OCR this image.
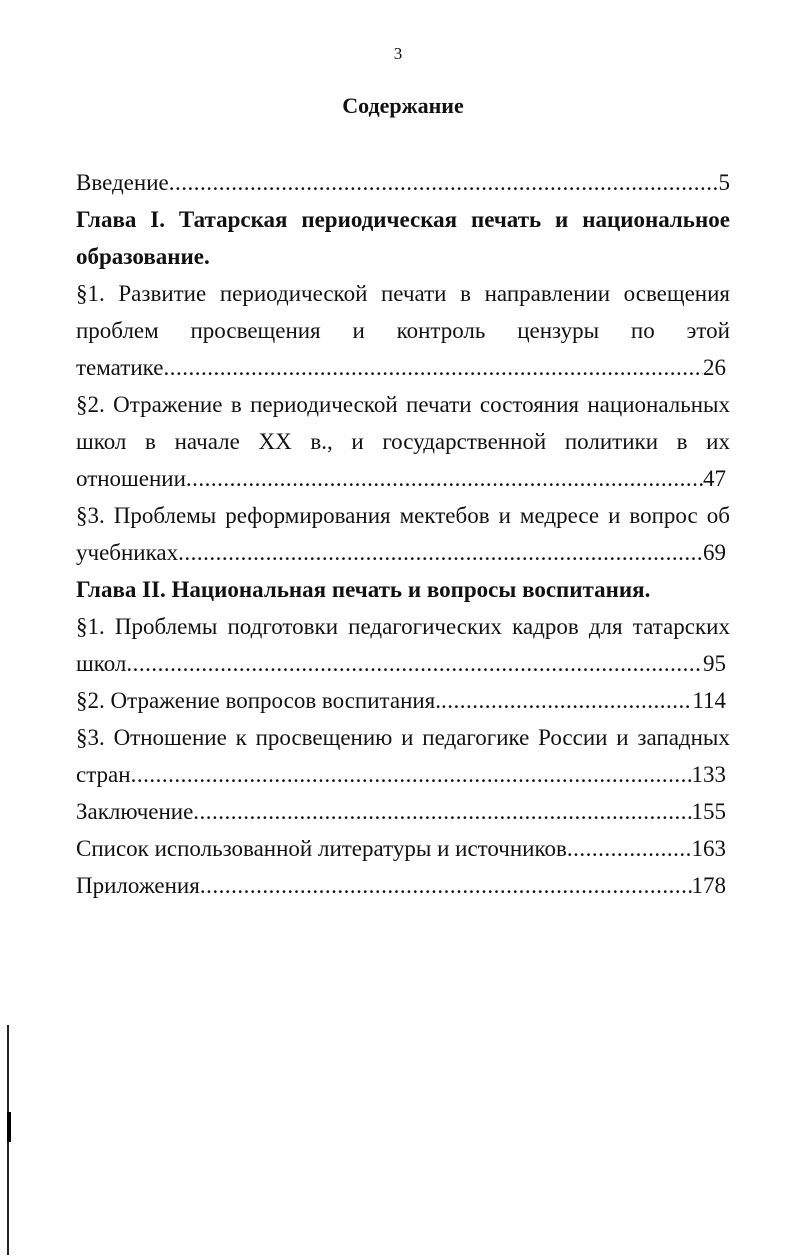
3
Содержание
Введение .....	5
Глава I. Татарская периодическая печать и национальное
образование.
§1. Развитие периодической печати в направлении освещения
проблем просвещения и контроль цензуры по этой
тематике .....	26
§2. Отражение в периодической печати состояния национальных
школ в начале XX в., и государственной политики в их
отношении .....	47
§3. Проблемы реформирования мектебов и медресе и вопрос об
учебниках .....	69
Глава II. Национальная печать и вопросы воспитания.
§1. Проблемы подготовки педагогических кадров для татарских
школ .....	95
§2. Отражение вопросов воспитания. .....	114
§3. Отношение к просвещению и педагогике России и западных
стран .....	133
Заключение .....	155
Список использованной литературы и источников .....	163
Приложения .....	178
